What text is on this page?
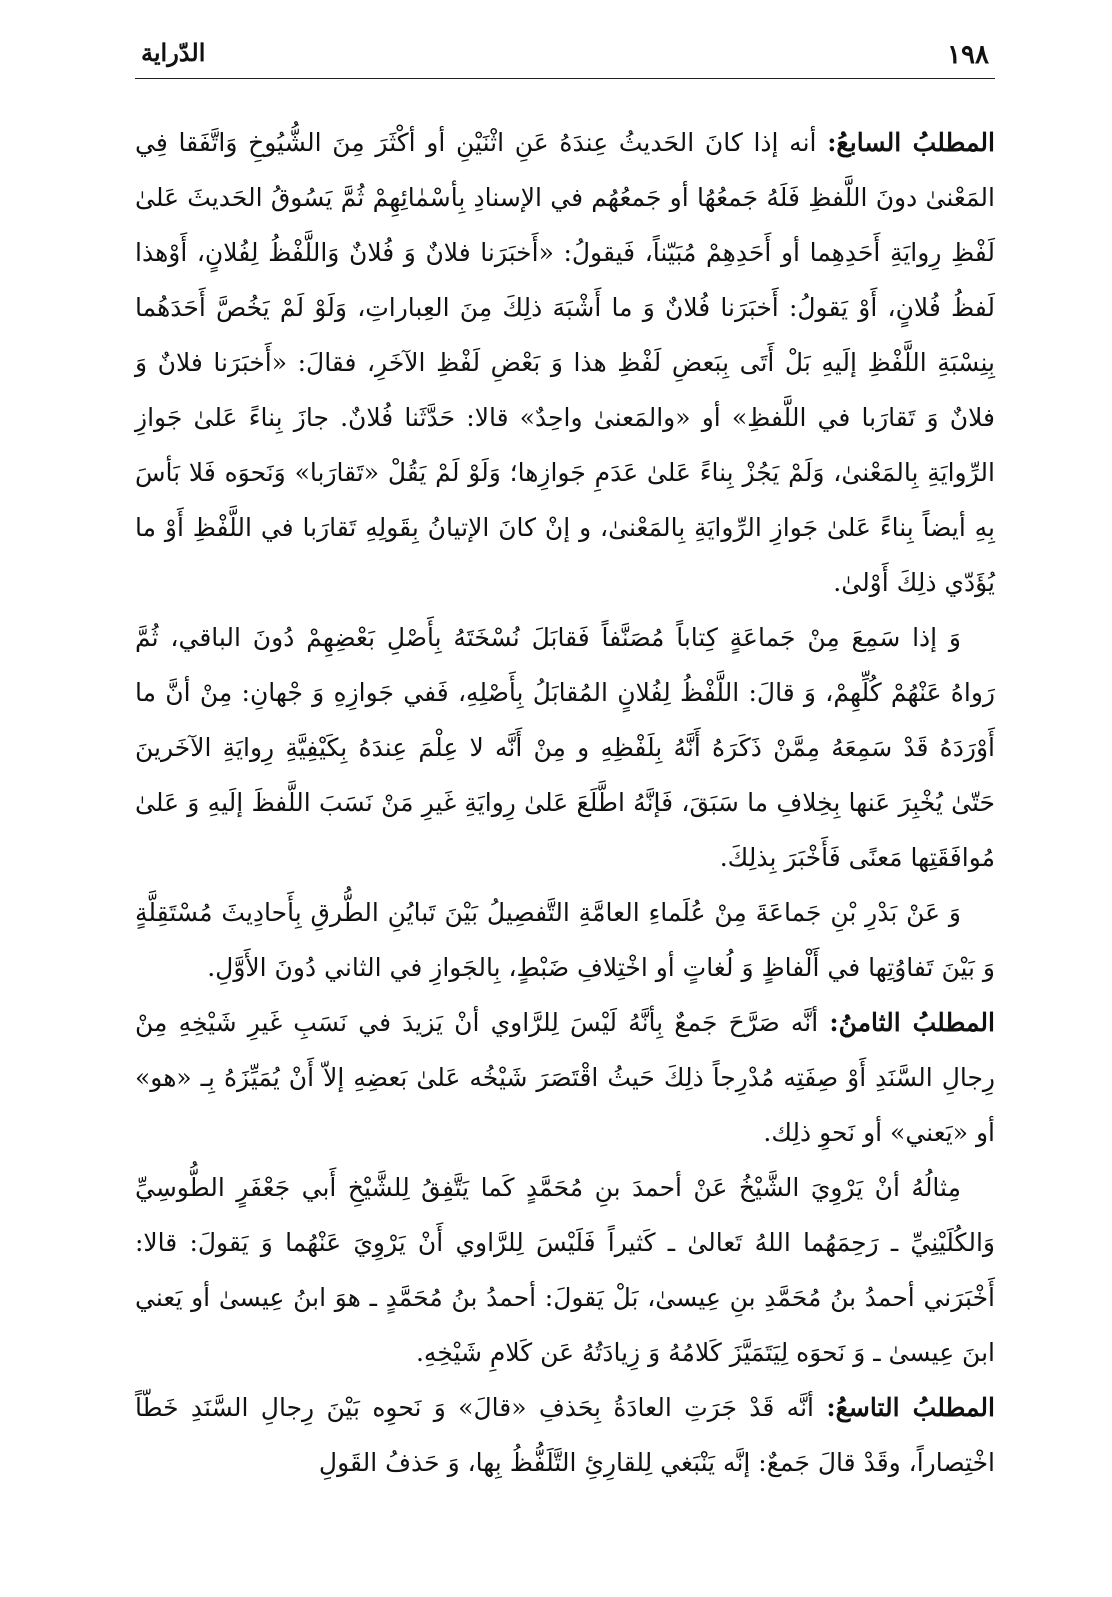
١٩٨
الدّراية

المطلبُ السابعُ: أنه إذا كانَ الحَديثُ عِندَهُ عَنِ اثْنَيْنِ أو أكْثَرَ مِنَ الشُّيُوخِ وَاتَّفَقا فِي المَعْنىٰ دونَ اللَّفظِ فَلَهُ جَمعُهُا أو جَمعُهُم في الإسنادِ بِأسْمٰائِهِمْ ثُمَّ يَسُوقُ الحَديثَ عَلىٰ لَفْظِ رِوايَةِ أَحَدِهِما أو أَحَدِهِمْ مُبَيّناً، فَيقولُ: «أَخبَرَنا فلانٌ وَ فُلانٌ وَاللَّفْظُ لِفُلانٍ، أَوْهذا لَفظُ فُلانٍ، أَوْ يَقولُ: أَخبَرَنا فُلانٌ وَ ما أَشْبَهَ ذلِكَ مِنَ العِباراتِ، وَلَوْ لَمْ يَخُصَّ أَحَدَهُما بِنِسْبَةِ اللَّفْظِ إلَيهِ بَلْ أَتَى بِبَعضِ لَفْظِ هذا وَ بَعْضِ لَفْظِ الآخَرِ، فقالَ: «أَخبَرَنا فلانٌ وَ فلانٌ وَ تَقارَبا في اللَّفظِ» أو «والمَعنىٰ واحِدٌ» قالا: حَدَّثَنا فُلانٌ. جازَ بِناءً عَلىٰ جَوازِ الرِّوايَةِ بِالمَعْنىٰ، وَلَمْ يَجُزْ بِناءً عَلىٰ عَدَمِ جَوازِها؛ وَلَوْ لَمْ يَقُلْ «تَقارَبا» وَنَحوَه فَلا بَأسَ بِهِ أيضاً بِناءً عَلىٰ جَوازِ الرِّوايَةِ بِالمَعْنىٰ، و إنْ كانَ الإتيانُ بِقَولِهِ تَقارَبا في اللَّفْظِ أَوْ ما يُؤَدّي ذلِكَ أَوْلىٰ.

وَ إذا سَمِعَ مِنْ جَماعَةٍ كِتاباً مُصَنَّفاً فَقابَلَ نُسْخَتَهُ بِأَصْلِ بَعْضِهِمْ دُونَ الباقي، ثُمَّ رَواهُ عَنْهُمْ كُلِّهِمْ، وَ قالَ: اللَّفْظُ لِفُلانٍ المُقابَلُ بِأَصْلِهِ، فَفي جَوازِهِ وَ جْهانِ: مِنْ أنَّ ما أَوْرَدَهُ قَدْ سَمِعَهُ مِمَّنْ ذَكَرَهُ أَنَّهُ بِلَفْظِهِ و مِنْ أَنَّه لا عِلْمَ عِندَهُ بِكَيْفِيَّةِ رِوايَةِ الآخَرينَ حَتّىٰ يُخْبِرَ عَنها بِخِلافِ ما سَبَقَ، فَإنَّهُ اطَّلَعَ عَلىٰ رِوايَةِ غَيرِ مَنْ نَسَبَ اللَّفظَ إلَيهِ وَ عَلىٰ مُوافَقَتِها مَعنًى فَأَخْبَرَ بِذلِكَ.

وَ عَنْ بَدْرِ بْنِ جَماعَةَ مِنْ عُلَماءِ العامَّةِ التَّفصِيلُ بَيْنَ تَبايُنِ الطُّرقِ بِأَحادِيثَ مُسْتَقِلَّةٍ وَ بَيْنَ تَفاوُتِها في أَلْفاظٍ وَ لُغاتٍ أو اخْتِلافِ ضَبْطٍ، بِالجَوازِ في الثاني دُونَ الأَوَّلِ.

المطلبُ الثامنُ: أنَّه صَرَّحَ جَمعٌ بِأنَّهُ لَيْسَ لِلرَّاوي أنْ يَزيدَ في نَسَبِ غَيرِ شَيْخِهِ مِنْ رِجالِ السَّنَدِ أَوْ صِفَتِه مُدْرِجاً ذلِكَ حَيثُ اقْتَصَرَ شَيْخُه عَلىٰ بَعضِهِ إلاّ أَنْ يُمَيِّزَهُ بِـ «هو» أو «يَعني» أو نَحوِ ذلِك.

مِثالُهُ أنْ يَرْوِيَ الشَّيْخُ عَنْ أحمدَ بنِ مُحَمَّدٍ كَما يَتَّفِقُ لِلشَّيْخِ أَبي جَعْفَرٍ الطُّوسِيِّ وَالكُلَيْنِيِّ ـ رَحِمَهُما اللهُ تَعالىٰ ـ كَثيراً فَلَيْسَ لِلرَّاوي أَنْ يَرْوِيَ عَنْهُما وَ يَقولَ: قالا: أَخْبَرَني أحمدُ بنُ مُحَمَّدِ بنِ عِيسىٰ، بَلْ يَقولَ: أحمدُ بنُ مُحَمَّدٍ ـ هوَ ابنُ عِيسىٰ أو يَعني ابنَ عِيسىٰ ـ وَ نَحوَه لِيَتَمَيَّزَ كَلامُهُ وَ زِيادَتُهُ عَن كَلامِ شَيْخِهِ.

المطلبُ التاسعُ: أنَّه قَدْ جَرَتِ العادَةُ بِحَذفِ «قالَ» وَ نَحوِه بَيْنَ رِجالِ السَّنَدِ خَطّاً اخْتِصاراً، وقَدْ قالَ جَمعٌ: إنَّه يَنْبَغي لِلقارِئِ التَّلَفُّظُ بِها، وَ حَذفُ القَولِ
